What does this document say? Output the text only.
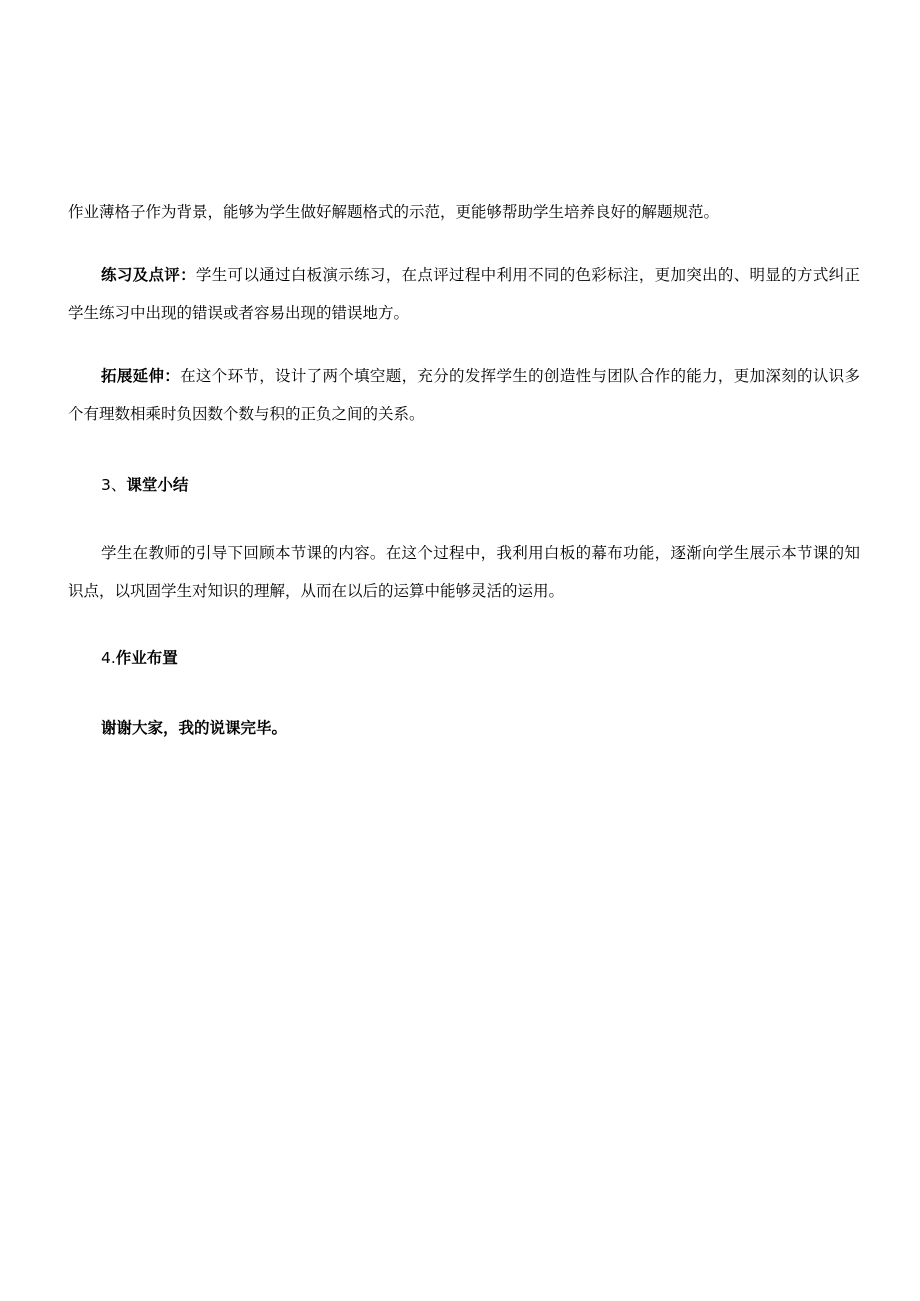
作业薄格子作为背景，能够为学生做好解题格式的示范，更能够帮助学生培养良好的解题规范。

练习及点评：学生可以通过白板演示练习，在点评过程中利用不同的色彩标注，更加突出的、明显的方式纠正学生练习中出现的错误或者容易出现的错误地方。

拓展延伸：在这个环节，设计了两个填空题，充分的发挥学生的创造性与团队合作的能力，更加深刻的认识多个有理数相乘时负因数个数与积的正负之间的关系。

3、课堂小结

学生在教师的引导下回顾本节课的内容。在这个过程中，我利用白板的幕布功能，逐渐向学生展示本节课的知识点，以巩固学生对知识的理解，从而在以后的运算中能够灵活的运用。

4.作业布置

谢谢大家，我的说课完毕。
